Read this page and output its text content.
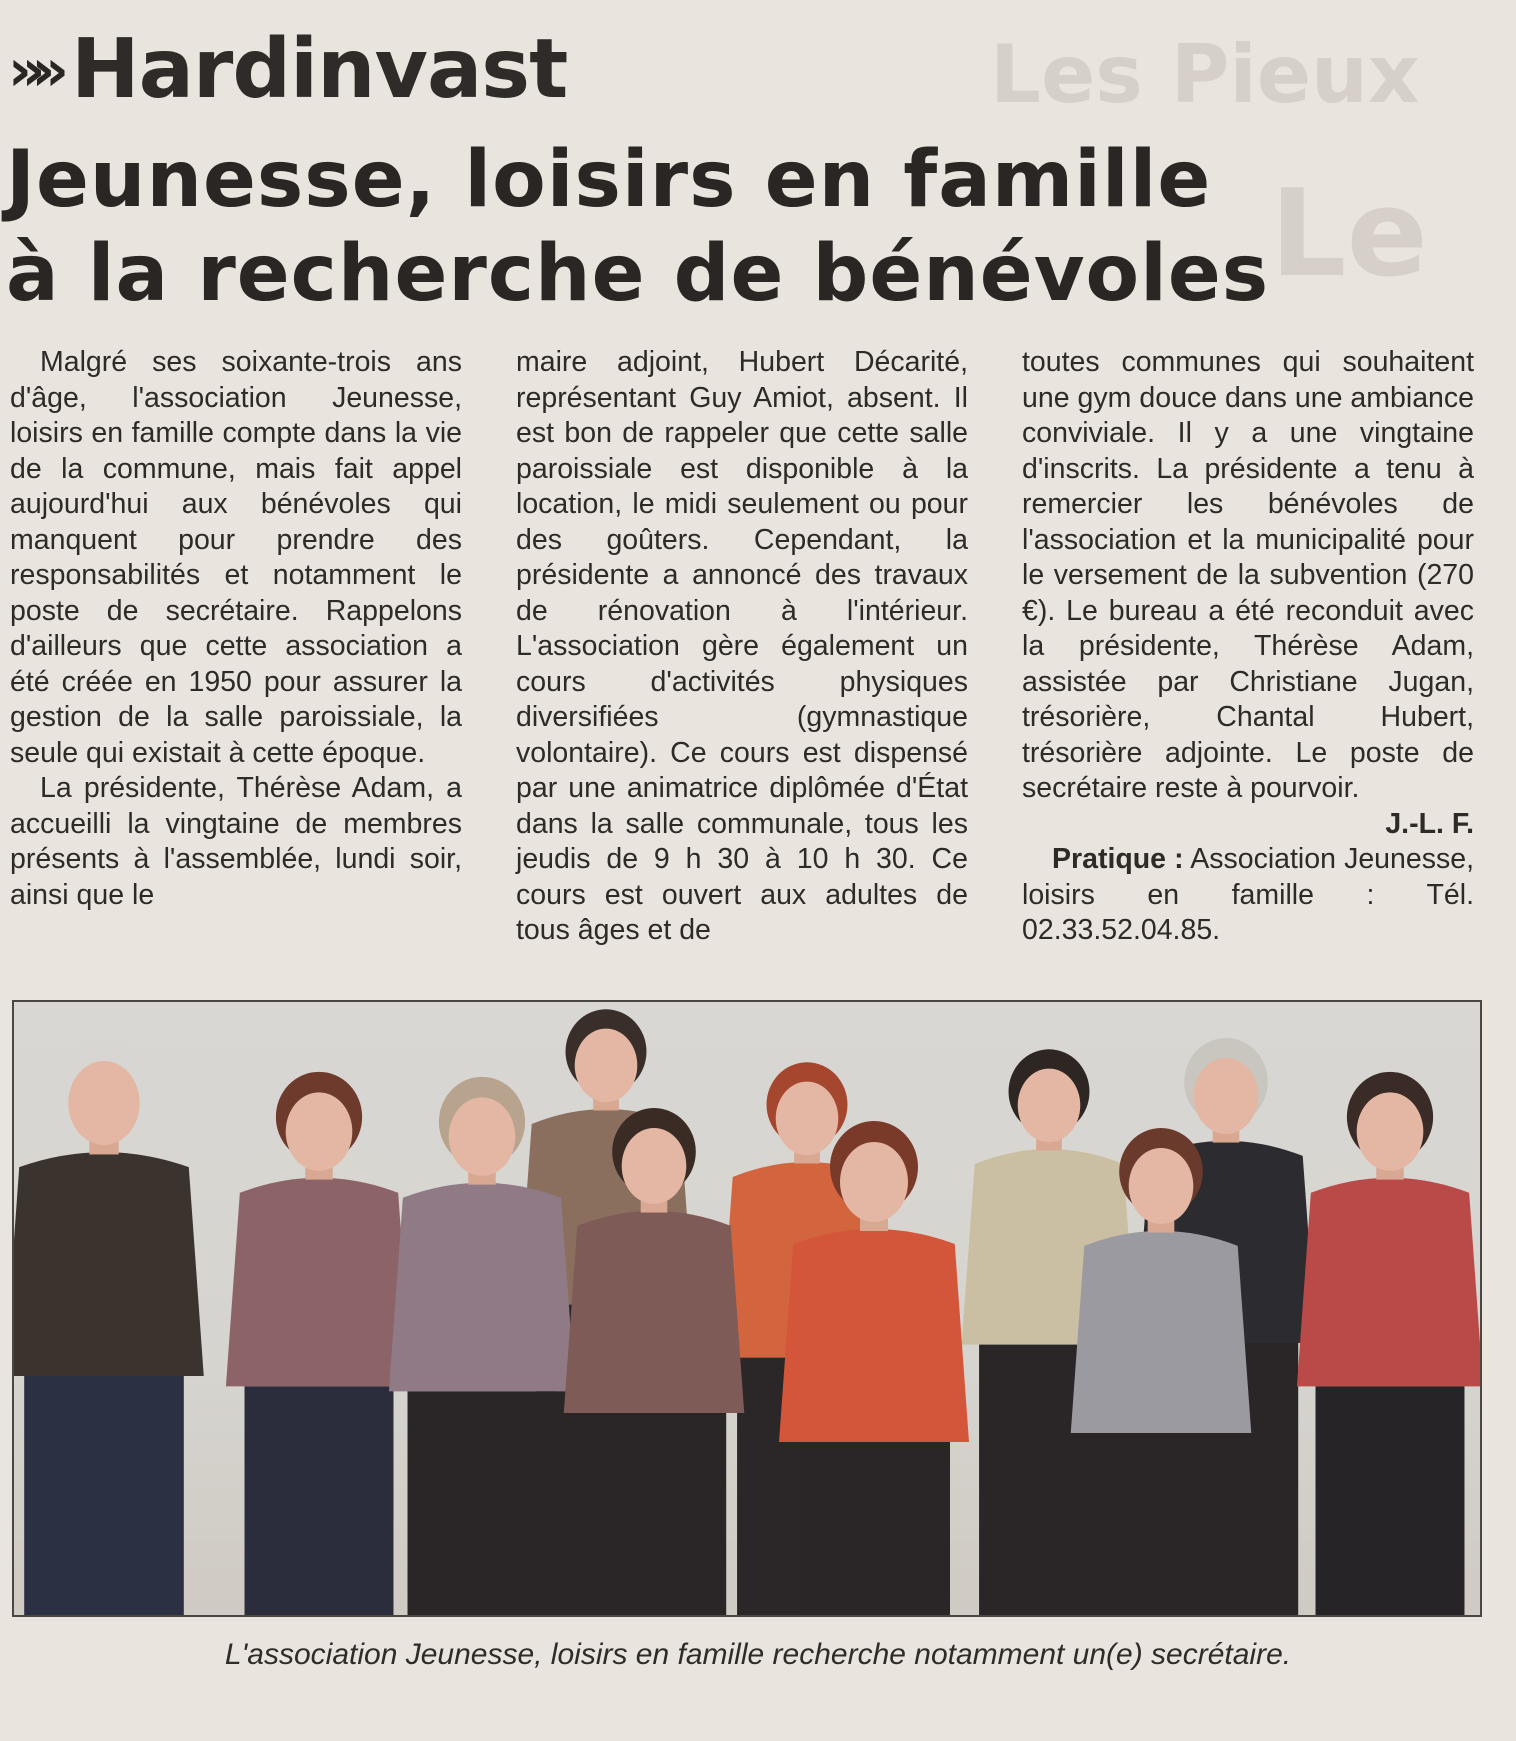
Les Pieux
Le
»» Hardinvast
Jeunesse, loisirs en famille
à la recherche de bénévoles

Malgré ses soixante-trois ans d'âge, l'association Jeunesse, loisirs en famille compte dans la vie de la commune, mais fait appel aujourd'hui aux bénévoles qui manquent pour prendre des responsabilités et notamment le poste de secrétaire. Rappelons d'ailleurs que cette association a été créée en 1950 pour assurer la gestion de la salle paroissiale, la seule qui existait à cette époque.

La présidente, Thérèse Adam, a accueilli la vingtaine de membres présents à l'assemblée, lundi soir, ainsi que le

maire adjoint, Hubert Décarité, représentant Guy Amiot, absent. Il est bon de rappeler que cette salle paroissiale est disponible à la location, le midi seulement ou pour des goûters. Cependant, la présidente a annoncé des travaux de rénovation à l'intérieur. L'association gère également un cours d'activités physiques diversifiées (gymnastique volontaire). Ce cours est dispensé par une animatrice diplômée d'État dans la salle communale, tous les jeudis de 9 h 30 à 10 h 30. Ce cours est ouvert aux adultes de tous âges et de

toutes communes qui souhaitent une gym douce dans une ambiance conviviale. Il y a une vingtaine d'inscrits. La présidente a tenu à remercier les bénévoles de l'association et la municipalité pour le versement de la subvention (270 €). Le bureau a été reconduit avec la présidente, Thérèse Adam, assistée par Christiane Jugan, trésorière, Chantal Hubert, trésorière adjointe. Le poste de secrétaire reste à pourvoir.

J.-L. F.

Pratique : Association Jeunesse, loisirs en famille : Tél. 02.33.52.04.85.

L'association Jeunesse, loisirs en famille recherche notamment un(e) secrétaire.
